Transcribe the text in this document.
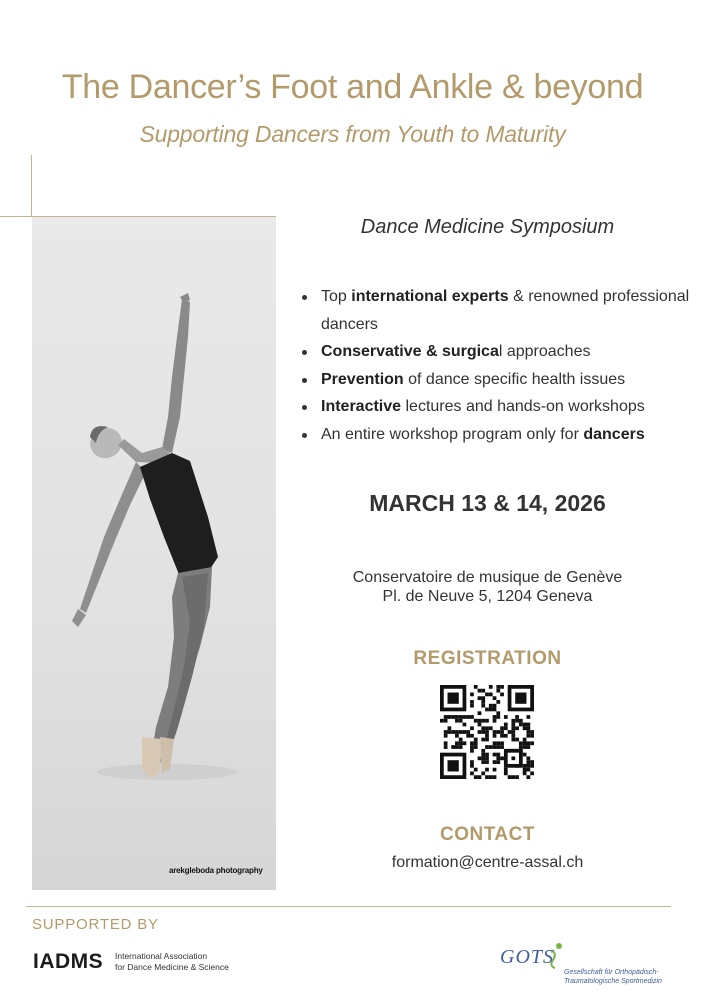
The Dancer’s Foot and Ankle & beyond
Supporting Dancers from Youth to Maturity
arekgleboda photography
Dance Medicine Symposium
Top international experts & renowned professional dancers
Conservative & surgical approaches
Prevention of dance specific health issues
Interactive lectures and hands-on workshops
An entire workshop program only for dancers
MARCH 13 & 14, 2026
Conservatoire de musique de Genève
Pl. de Neuve 5, 1204 Geneva
REGISTRATION
CONTACT
formation@centre-assal.ch
SUPPORTED BY
IADMS International Association
for Dance Medicine & Science	GOTS
Gesellschaft für Orthopädisch-
Traumatologische Sportmedizin
